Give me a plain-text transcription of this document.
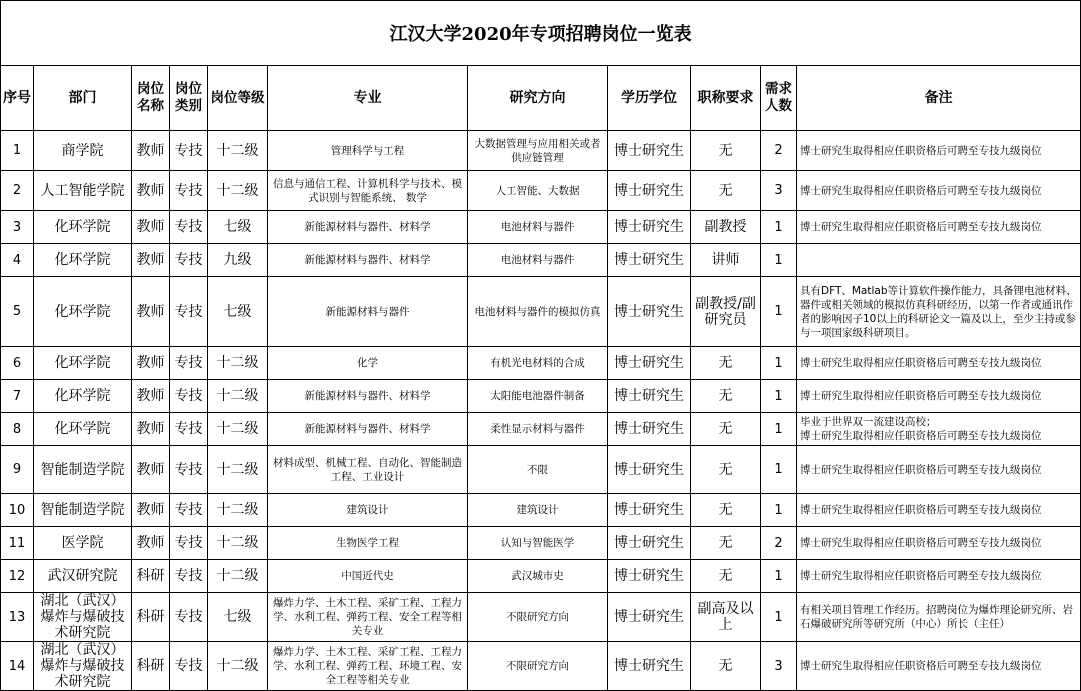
江汉大学2020年专项招聘岗位一览表										
序号	部门	岗位名称	岗位类别	岗位等级	专业	研究方向	学历学位	职称要求	需求人数	备注
1	商学院	教师	专技	十二级	管理科学与工程	大数据管理与应用相关或者供应链管理	博士研究生	无	2	博士研究生取得相应任职资格后可聘至专技九级岗位
2	人工智能学院	教师	专技	十二级	信息与通信工程、计算机科学与技术、模式识别与智能系统、 数学	人工智能、大数据	博士研究生	无	3	博士研究生取得相应任职资格后可聘至专技九级岗位
3	化环学院	教师	专技	七级	新能源材料与器件、材料学	电池材料与器件	博士研究生	副教授	1	博士研究生取得相应任职资格后可聘至专技九级岗位
4	化环学院	教师	专技	九级	新能源材料与器件、材料学	电池材料与器件	博士研究生	讲师	1	
5	化环学院	教师	专技	七级	新能源材料与器件	电池材料与器件的模拟仿真	博士研究生	副教授/副研究员	1	具有DFT、Matlab等计算软件操作能力，具备锂电池材料、器件或相关领域的模拟仿真科研经历，以第一作者或通讯作者的影响因子10以上的科研论文一篇及以上，至少主持或参与一项国家级科研项目。
6	化环学院	教师	专技	十二级	化学	有机光电材料的合成	博士研究生	无	1	博士研究生取得相应任职资格后可聘至专技九级岗位
7	化环学院	教师	专技	十二级	新能源材料与器件、材料学	太阳能电池器件制备	博士研究生	无	1	博士研究生取得相应任职资格后可聘至专技九级岗位
8	化环学院	教师	专技	十二级	新能源材料与器件、材料学	柔性显示材料与器件	博士研究生	无	1	毕业于世界双一流建设高校；
博士研究生取得相应任职资格后可聘至专技九级岗位
9	智能制造学院	教师	专技	十二级	材料成型、机械工程、自动化、智能制造工程、工业设计	不限	博士研究生	无	1	博士研究生取得相应任职资格后可聘至专技九级岗位
10	智能制造学院	教师	专技	十二级	建筑设计	建筑设计	博士研究生	无	1	博士研究生取得相应任职资格后可聘至专技九级岗位
11	医学院	教师	专技	十二级	生物医学工程	认知与智能医学	博士研究生	无	2	博士研究生取得相应任职资格后可聘至专技九级岗位
12	武汉研究院	科研	专技	十二级	中国近代史	武汉城市史	博士研究生	无	1	博士研究生取得相应任职资格后可聘至专技九级岗位
13	湖北（武汉）爆炸与爆破技术研究院	科研	专技	七级	爆炸力学、土木工程、采矿工程、工程力学、水利工程、弹药工程、安全工程等相关专业	不限研究方向	博士研究生	副高及以上	1	有相关项目管理工作经历。招聘岗位为爆炸理论研究所、岩石爆破研究所等研究所（中心）所长（主任）
14	湖北（武汉）爆炸与爆破技术研究院	科研	专技	十二级	爆炸力学、土木工程、采矿工程、工程力学、水利工程、弹药工程、环境工程、安全工程等相关专业	不限研究方向	博士研究生	无	3	博士研究生取得相应任职资格后可聘至专技九级岗位
